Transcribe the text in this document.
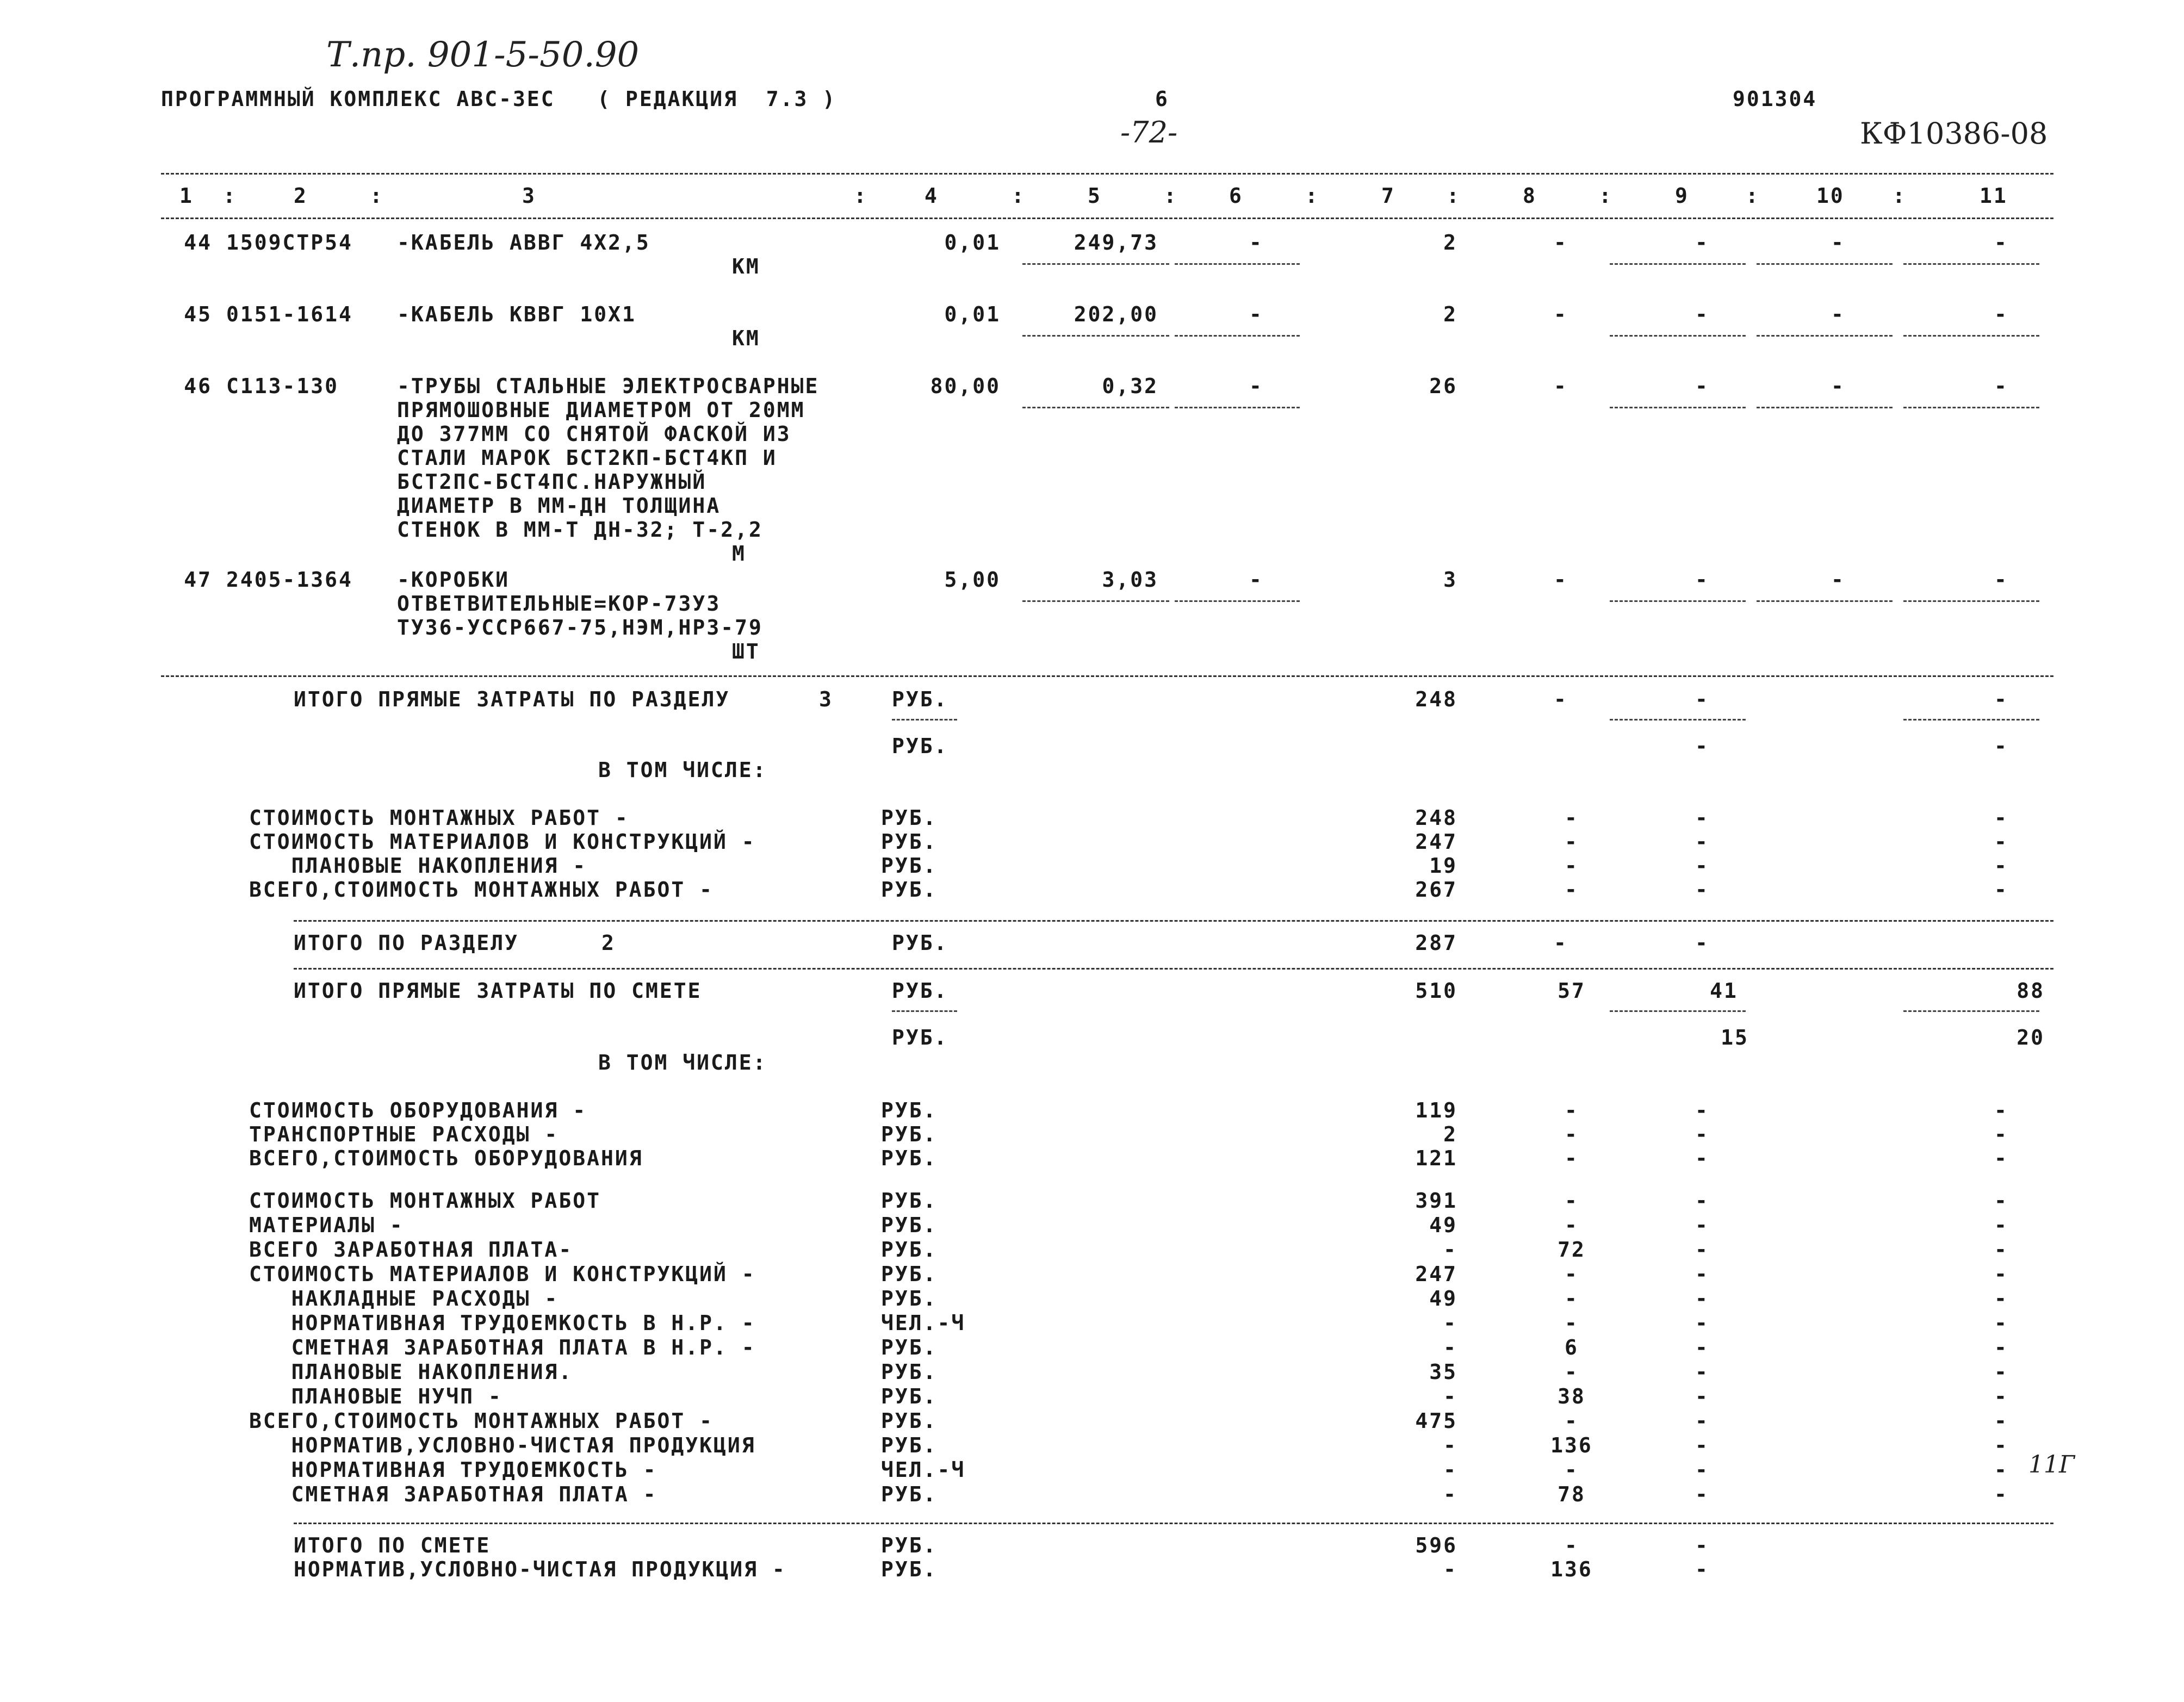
Т.пр. 901-5-50.90
-72-	КФ10386-08
11Г
ПРОГРАММНЫЙ КОМПЛЕКС АВС-3ЕС   ( РЕДАКЦИЯ  7.3 )	6	901304
1 :	2	:	3	:	4	:	5	: 6	:	7 :	8	:	9	:	10 :	11
44 1509СТР54 -КАБЕЛЬ АВВГ 4Х2,5
КМ
0,01	249,73	-	2	-	-	-	-
45 0151-1614 -КАБЕЛЬ КВВГ 10Х1
КМ
0,01	202,00	-	2	-	-	-	-
46 С113-130	-ТРУБЫ СТАЛЬНЫЕ ЭЛЕКТРОСВАРНЫЕ
ПРЯМОШОВНЫЕ ДИАМЕТРОМ ОТ 20ММ
ДО 377ММ СО СНЯТОЙ ФАСКОЙ ИЗ
СТАЛИ МАРОК БСТ2КП-БСТ4КП И
БСТ2ПС-БСТ4ПС.НАРУЖНЫЙ
ДИАМЕТР В ММ-ДН ТОЛЩИНА
СТЕНОК В ММ-Т ДН-32; Т-2,2
М
80,00	0,32	-	26	-	-	-	-
47 2405-1364 -КОРОБКИ
ОТВЕТВИТЕЛЬНЫЕ=КОР-73УЗ
ТУ36-УССР667-75,НЭМ,НРЗ-79
ШТ
5,00	3,03	-	3	-	-	-	-
ИТОГО ПРЯМЫЕ ЗАТРАТЫ ПО РАЗДЕЛУ	3	РУБ.	248	-	-	-
РУБ.	-	-
В ТОМ ЧИСЛЕ:
СТОИМОСТЬ МОНТАЖНЫХ РАБОТ -	РУБ.	248	-	-	-
СТОИМОСТЬ МАТЕРИАЛОВ И КОНСТРУКЦИЙ -	РУБ.	247	-	-	-
ПЛАНОВЫЕ НАКОПЛЕНИЯ -	РУБ.	19	-	-	-
ВСЕГО,СТОИМОСТЬ МОНТАЖНЫХ РАБОТ -	РУБ.	267	-	-	-
ИТОГО ПО РАЗДЕЛУ	2	РУБ.	287	-	-
ИТОГО ПРЯМЫЕ ЗАТРАТЫ ПО СМЕТЕ	РУБ.	510	57	41	88
РУБ.	15	20
В ТОМ ЧИСЛЕ:
СТОИМОСТЬ ОБОРУДОВАНИЯ -	РУБ.	119	-	-	-
ТРАНСПОРТНЫЕ РАСХОДЫ -	РУБ.	2	-	-	-
ВСЕГО,СТОИМОСТЬ ОБОРУДОВАНИЯ	РУБ.	121	-	-	-
СТОИМОСТЬ МОНТАЖНЫХ РАБОТ	РУБ.	391	-	-	-
МАТЕРИАЛЫ -	РУБ.	49	-	-	-
ВСЕГО ЗАРАБОТНАЯ ПЛАТА-	РУБ.	-	72	-	-
СТОИМОСТЬ МАТЕРИАЛОВ И КОНСТРУКЦИЙ -	РУБ.	247	-	-	-
НАКЛАДНЫЕ РАСХОДЫ -	РУБ.	49	-	-	-
НОРМАТИВНАЯ ТРУДОЕМКОСТЬ В Н.Р. -	ЧЕЛ.-Ч	-	-	-	-
СМЕТНАЯ ЗАРАБОТНАЯ ПЛАТА В Н.Р. -	РУБ.	-	6	-	-
ПЛАНОВЫЕ НАКОПЛЕНИЯ.	РУБ.	35	-	-	-
ПЛАНОВЫЕ НУЧП -	РУБ.	-	38	-	-
ВСЕГО,СТОИМОСТЬ МОНТАЖНЫХ РАБОТ -	РУБ.	475	-	-	-
НОРМАТИВ,УСЛОВНО-ЧИСТАЯ ПРОДУКЦИЯ	РУБ.	-	136	-	-
НОРМАТИВНАЯ ТРУДОЕМКОСТЬ -	ЧЕЛ.-Ч	-	-	-	-
СМЕТНАЯ ЗАРАБОТНАЯ ПЛАТА -	РУБ.	-	78	-	-
ИТОГО ПО СМЕТЕ	РУБ.	596	-	-
НОРМАТИВ,УСЛОВНО-ЧИСТАЯ ПРОДУКЦИЯ -	РУБ.	-	136	-
